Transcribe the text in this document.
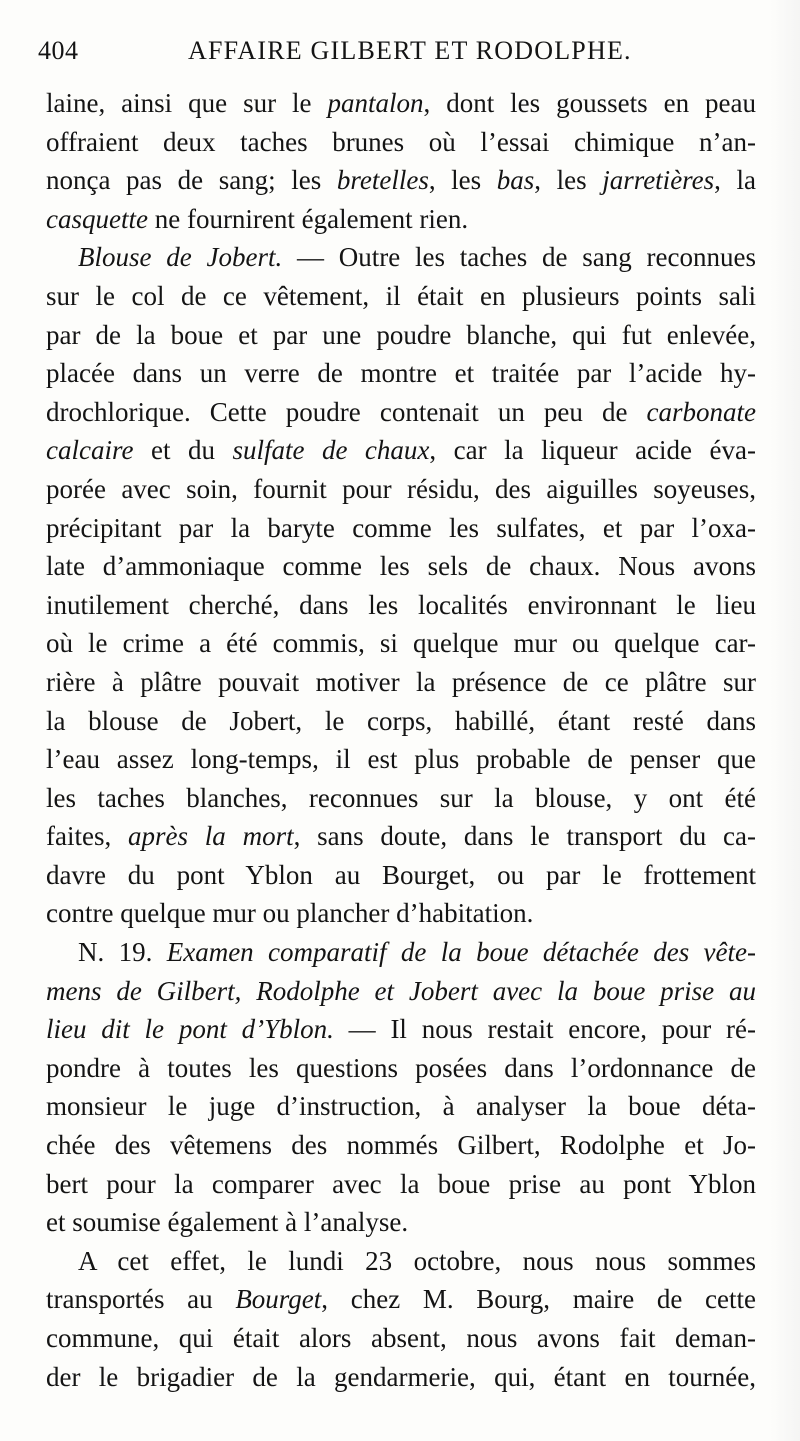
404	AFFAIRE GILBERT ET RODOLPHE.
laine, ainsi que sur le pantalon, dont les goussets en peau
offraient deux taches brunes où l’essai chimique n’an-
nonça pas de sang; les bretelles, les bas, les jarretières, la
casquette ne fournirent également rien.
Blouse de Jobert. — Outre les taches de sang reconnues
sur le col de ce vêtement, il était en plusieurs points sali
par de la boue et par une poudre blanche, qui fut enlevée,
placée dans un verre de montre et traitée par l’acide hy-
drochlorique. Cette poudre contenait un peu de carbonate
calcaire et du sulfate de chaux, car la liqueur acide éva-
porée avec soin, fournit pour résidu, des aiguilles soyeuses,
précipitant par la baryte comme les sulfates, et par l’oxa-
late d’ammoniaque comme les sels de chaux. Nous avons
inutilement cherché, dans les localités environnant le lieu
où le crime a été commis, si quelque mur ou quelque car-
rière à plâtre pouvait motiver la présence de ce plâtre sur
la blouse de Jobert, le corps, habillé, étant resté dans
l’eau assez long-temps, il est plus probable de penser que
les taches blanches, reconnues sur la blouse, y ont été
faites, après la mort, sans doute, dans le transport du ca-
davre du pont Yblon au Bourget, ou par le frottement
contre quelque mur ou plancher d’habitation.
N. 19. Examen comparatif de la boue détachée des vête-
mens de Gilbert, Rodolphe et Jobert avec la boue prise au
lieu dit le pont d’Yblon. — Il nous restait encore, pour ré-
pondre à toutes les questions posées dans l’ordonnance de
monsieur le juge d’instruction, à analyser la boue déta-
chée des vêtemens des nommés Gilbert, Rodolphe et Jo-
bert pour la comparer avec la boue prise au pont Yblon
et soumise également à l’analyse.
A cet effet, le lundi 23 octobre, nous nous sommes
transportés au Bourget, chez M. Bourg, maire de cette
commune, qui était alors absent, nous avons fait deman-
der le brigadier de la gendarmerie, qui, étant en tournée,
